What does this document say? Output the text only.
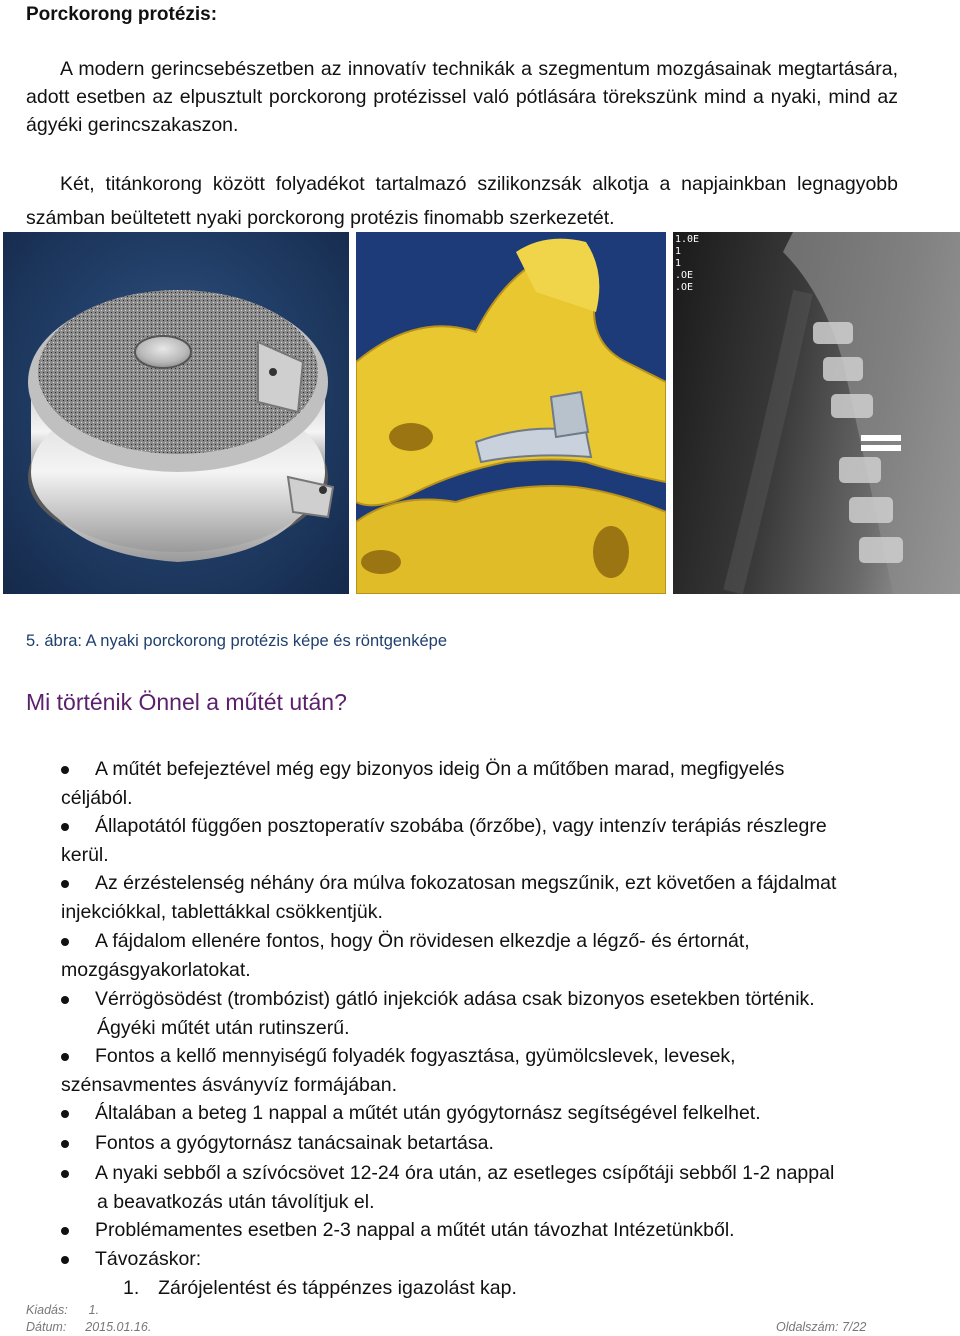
Porckorong protézis:
A modern gerincsebészetben az innovatív technikák a szegmentum mozgásainak megtartására, adott esetben az elpusztult porckorong protézissel való pótlására törekszünk mind a nyaki, mind az ágyéki gerincszakaszon.
Két, titánkorong között folyadékot tartalmazó szilikonzsák alkotja a napjainkban legnagyobb számban beültetett nyaki porckorong protézis finomabb szerkezetét.
1.0E
1
1
.OE
.OE
5. ábra: A nyaki porckorong protézis képe és röntgenképe
Mi történik Önnel a műtét után?
A műtét befejeztével még egy bizonyos ideig Ön a műtőben marad, megfigyelés
céljából.
Állapotától függően posztoperatív szobába (őrzőbe), vagy intenzív terápiás részlegre
kerül.
Az érzéstelenség néhány óra múlva fokozatosan megszűnik, ezt követően a fájdalmat
injekciókkal, tablettákkal csökkentjük.
A fájdalom ellenére fontos, hogy Ön rövidesen elkezdje a légző- és értornát,
mozgásgyakorlatokat.
Vérrögösödést (trombózist) gátló injekciók adása csak bizonyos esetekben történik.
Ágyéki műtét után rutinszerű.
Fontos a kellő mennyiségű folyadék fogyasztása, gyümölcslevek, levesek,
szénsavmentes ásványvíz formájában.
Általában a beteg 1 nappal a műtét után gyógytornász segítségével felkelhet.
Fontos a gyógytornász tanácsainak betartása.
A nyaki sebből a szívócsövet 12-24 óra után, az esetleges csípőtáji sebből 1-2 nappal
a beavatkozás után távolítjuk el.
Problémamentes esetben 2-3 nappal a műtét után távozhat Intézetünkből.
Távozáskor:
1. Zárójelentést és táppénzes igazolást kap.
Kiadás: 1.
Dátum: 2015.01.16.	Oldalszám: 7/22
